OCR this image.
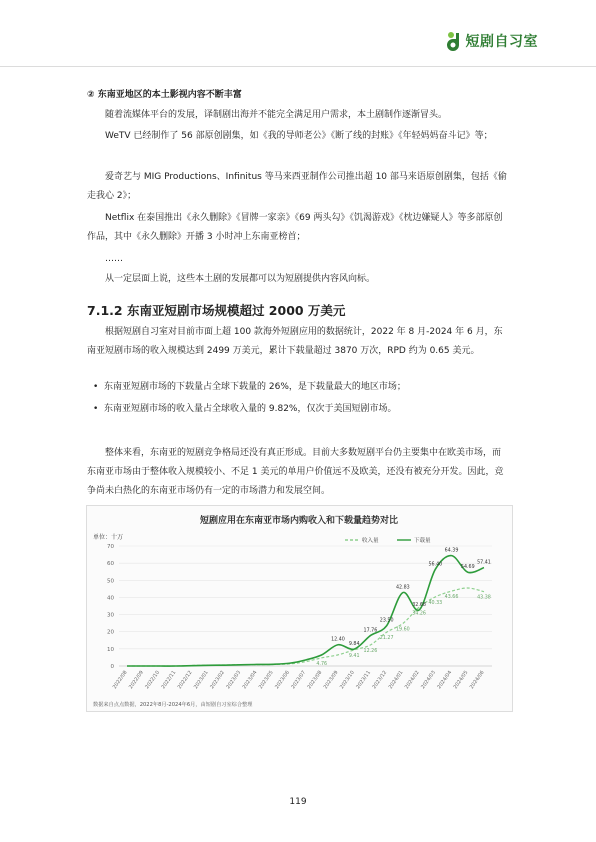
短剧自习室
② 东南亚地区的本土影视内容不断丰富
随着流媒体平台的发展，译制剧出海并不能完全满足用户需求，本土剧制作逐渐冒头。
WeTV 已经制作了 56 部原创剧集，如《我的导师老公》《断了线的封账》《年轻妈妈奋斗记》等；
爱奇艺与 MIG Productions、Infinitus 等马来西亚制作公司推出超 10 部马来语原创剧集，包括《偷走我心 2》；
Netflix 在泰国推出《永久删除》《冒牌一家亲》《69 两头勾》《饥渴游戏》《枕边嫌疑人》等多部原创作品，其中《永久删除》开播 3 小时冲上东南亚榜首；
……
从一定层面上说，这些本土剧的发展都可以为短剧提供内容风向标。
7.1.2 东南亚短剧市场规模超过 2000 万美元
根据短剧自习室对目前市面上超 100 款海外短剧应用的数据统计，2022 年 8 月-2024 年 6 月，东南亚短剧市场的收入规模达到 2499 万美元，累计下载量超过 3870 万次，RPD 约为 0.65 美元。
•  东南亚短剧市场的下载量占全球下载量的 26%，是下载量最大的地区市场；
•  东南亚短剧市场的收入量占全球收入量的 9.82%，仅次于美国短剧市场。
整体来看，东南亚的短剧竞争格局还没有真正形成。目前大多数短剧平台仍主要集中在欧美市场，而东南亚市场由于整体收入规模较小、不足 1 美元的单用户价值远不及欧美，还没有被充分开发。因此，竞争尚未白热化的东南亚市场仍有一定的市场潜力和发展空间。
短剧应用在东南亚市场内购收入和下载量趋势对比
单位：十万
数据来自点点数据，2022年8月-2024年6月，由短剧自习室综合整理
0
10
20
30
40
50
60
70
2022/08 2022/09 2022/10 2022/11 2022/12 2023/01 2023/02 2023/03 2023/04 2023/05 2023/06 2023/07 2023/08 2023/09 2023/10 2023/11 2023/12 2024/01 2024/02 2024/03 2024/04 2024/05 2024/06
4.76
9.41
12.26
21.27
19.60
34.26
40.33
43.66	43.38
12.40
9.84
17.76
23.50
42.83
32.68
56.40
64.39
54.69
57.41
收入量	下载量
119
